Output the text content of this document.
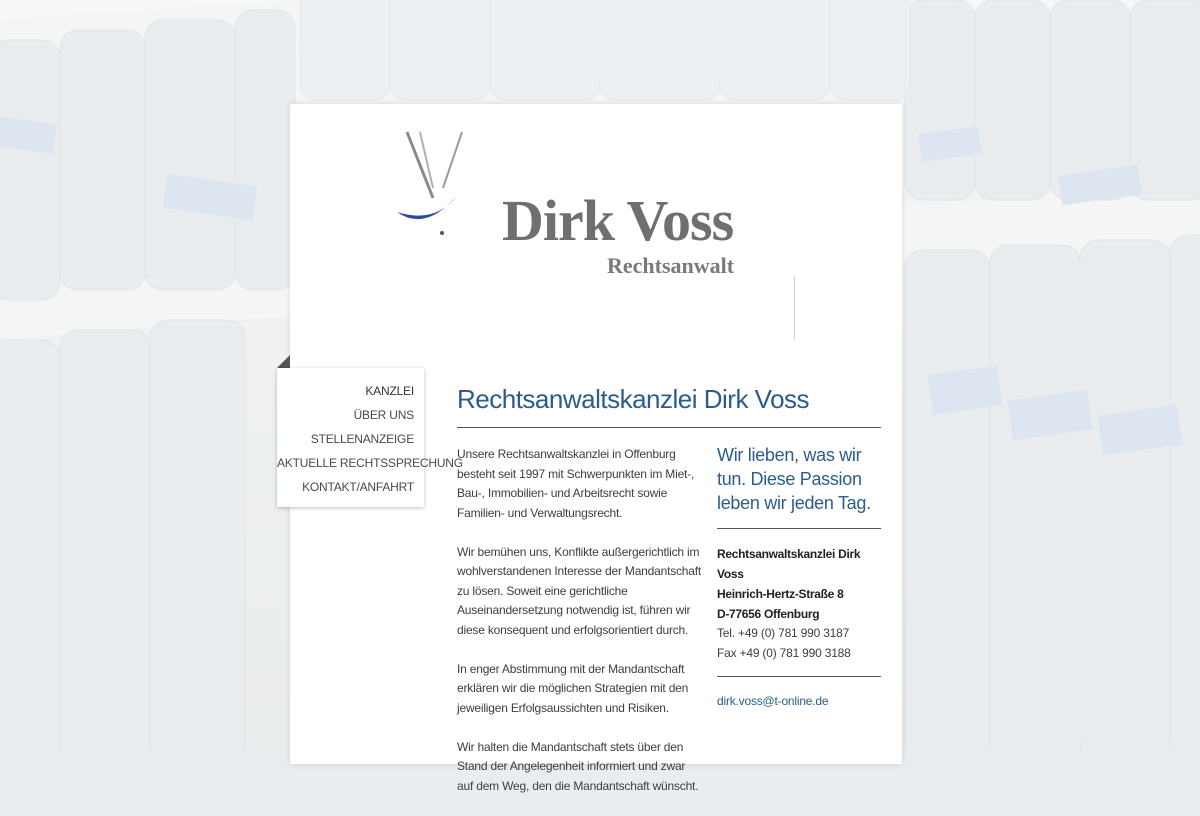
Dirk Voss

Rechtsanwalt

KANZLEI
ÜBER UNS
STELLENANZEIGE
AKTUELLE RECHTSSPRECHUNG
KONTAKT/ANFAHRT
Rechtsanwaltskanzlei Dirk Voss

Unsere Rechtsanwaltskanzlei in Offenburg besteht seit 1997 mit Schwerpunkten im Miet-, Bau-, Immobilien- und Arbeitsrecht sowie Familien- und Verwaltungsrecht.

Wir bemühen uns, Konflikte außergerichtlich im wohlverstandenen Interesse der Mandantschaft zu lösen. Soweit eine gerichtliche Auseinandersetzung notwendig ist, führen wir diese konsequent und erfolgsorientiert durch.

In enger Abstimmung mit der Mandantschaft erklären wir die möglichen Strategien mit den jeweiligen Erfolgsaussichten und Risiken.

Wir halten die Mandantschaft stets über den Stand der Angelegenheit informiert und zwar auf dem Weg, den die Mandantschaft wünscht.

Wir lieben, was wir tun. Diese Passion leben wir jeden Tag.
Rechtsanwaltskanzlei Dirk Voss
Heinrich-Hertz-Straße 8
D-77656 Offenburg
Tel. +49 (0) 781 990 3187
Fax +49 (0) 781 990 3188
dirk.voss@t-online.de
